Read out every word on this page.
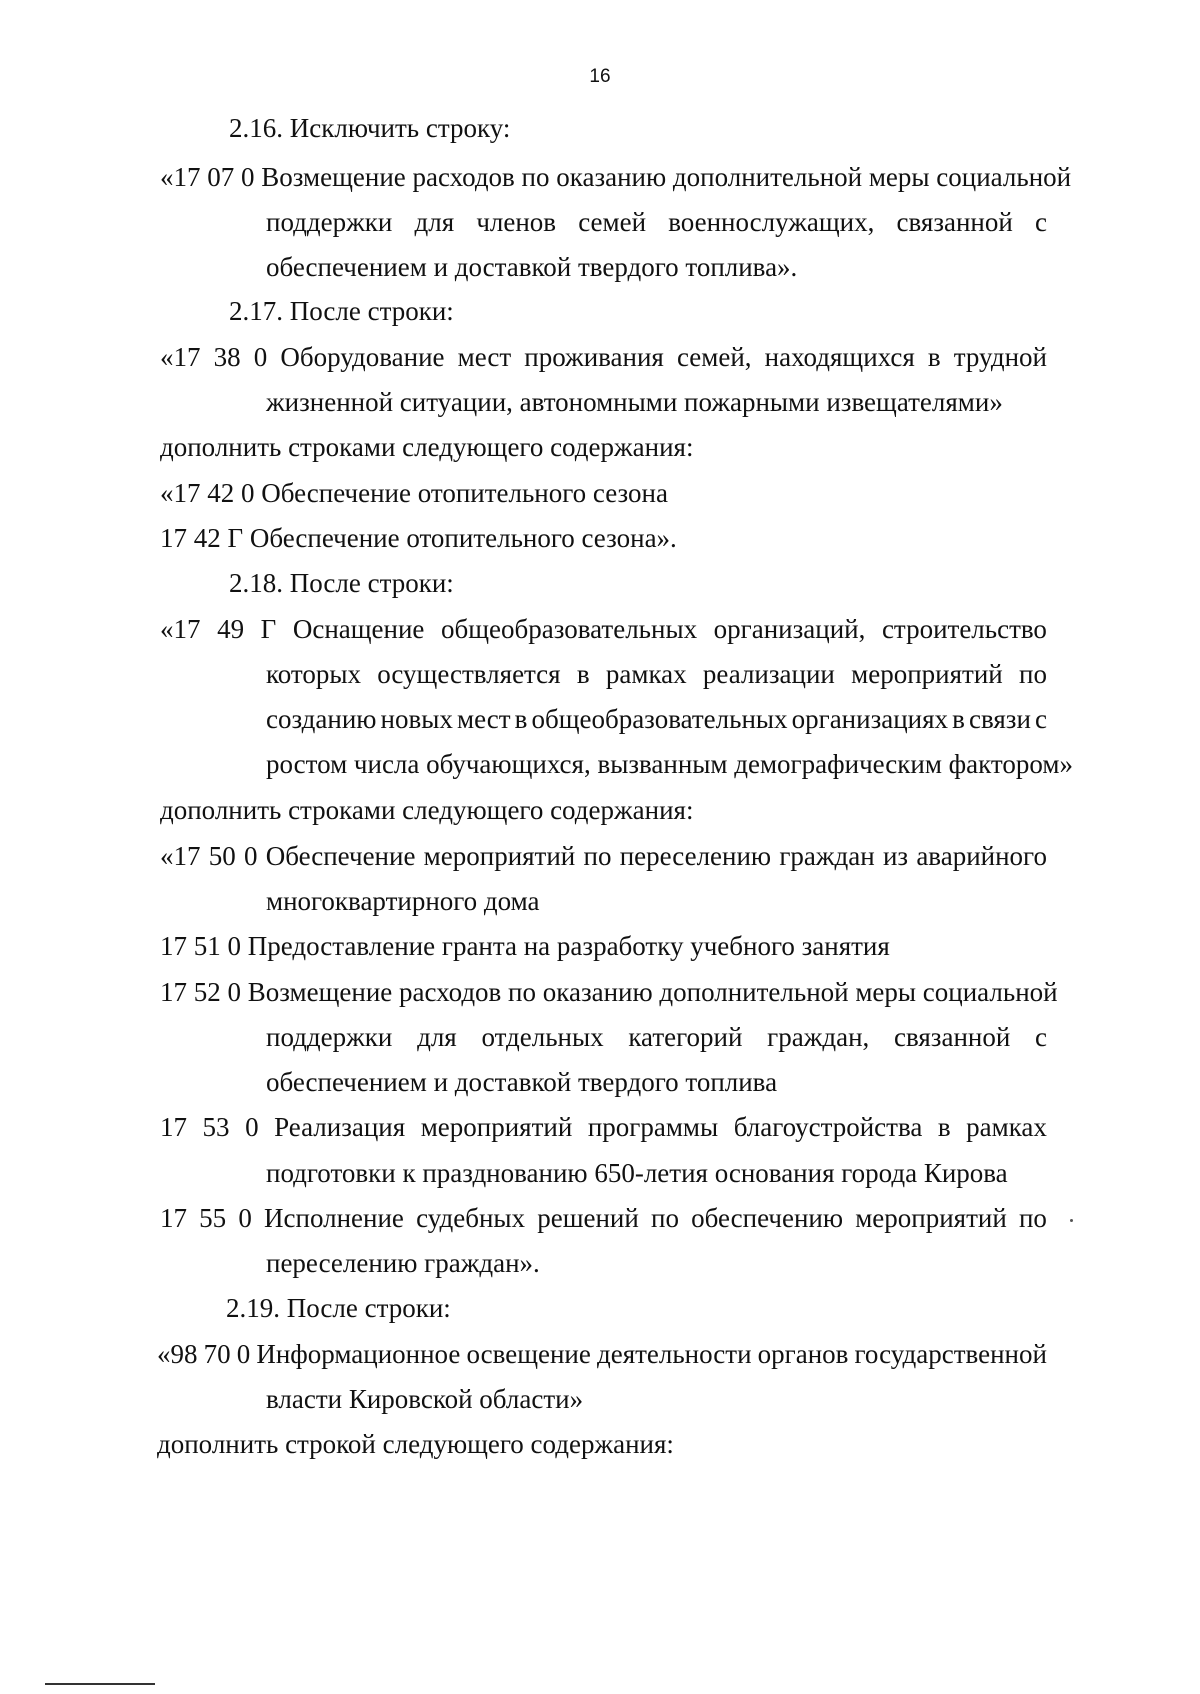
16
2.16. Исключить строку:
«17 07 0 Возмещение расходов по оказанию дополнительной меры социальной
поддержки для членов семей военнослужащих, связанной с
обеспечением и доставкой твердого топлива».
2.17. После строки:
«17 38 0 Оборудование мест проживания семей, находящихся в трудной
жизненной ситуации, автономными пожарными извещателями»
дополнить строками следующего содержания:
«17 42 0 Обеспечение отопительного сезона
17 42 Г Обеспечение отопительного сезона».
2.18. После строки:
«17 49 Г Оснащение общеобразовательных организаций, строительство
которых осуществляется в рамках реализации мероприятий по
созданию новых мест в общеобразовательных организациях в связи с
ростом числа обучающихся, вызванным демографическим фактором»
дополнить строками следующего содержания:
«17 50 0 Обеспечение мероприятий по переселению граждан из аварийного
многоквартирного дома
17 51 0 Предоставление гранта на разработку учебного занятия
17 52 0 Возмещение расходов по оказанию дополнительной меры социальной
поддержки для отдельных категорий граждан, связанной с
обеспечением и доставкой твердого топлива
17 53 0 Реализация мероприятий программы благоустройства в рамках
подготовки к празднованию 650-летия основания города Кирова
17 55 0 Исполнение судебных решений по обеспечению мероприятий по
переселению граждан».
2.19. После строки:
«98 70 0 Информационное освещение деятельности органов государственной
власти Кировской области»
дополнить строкой следующего содержания:
